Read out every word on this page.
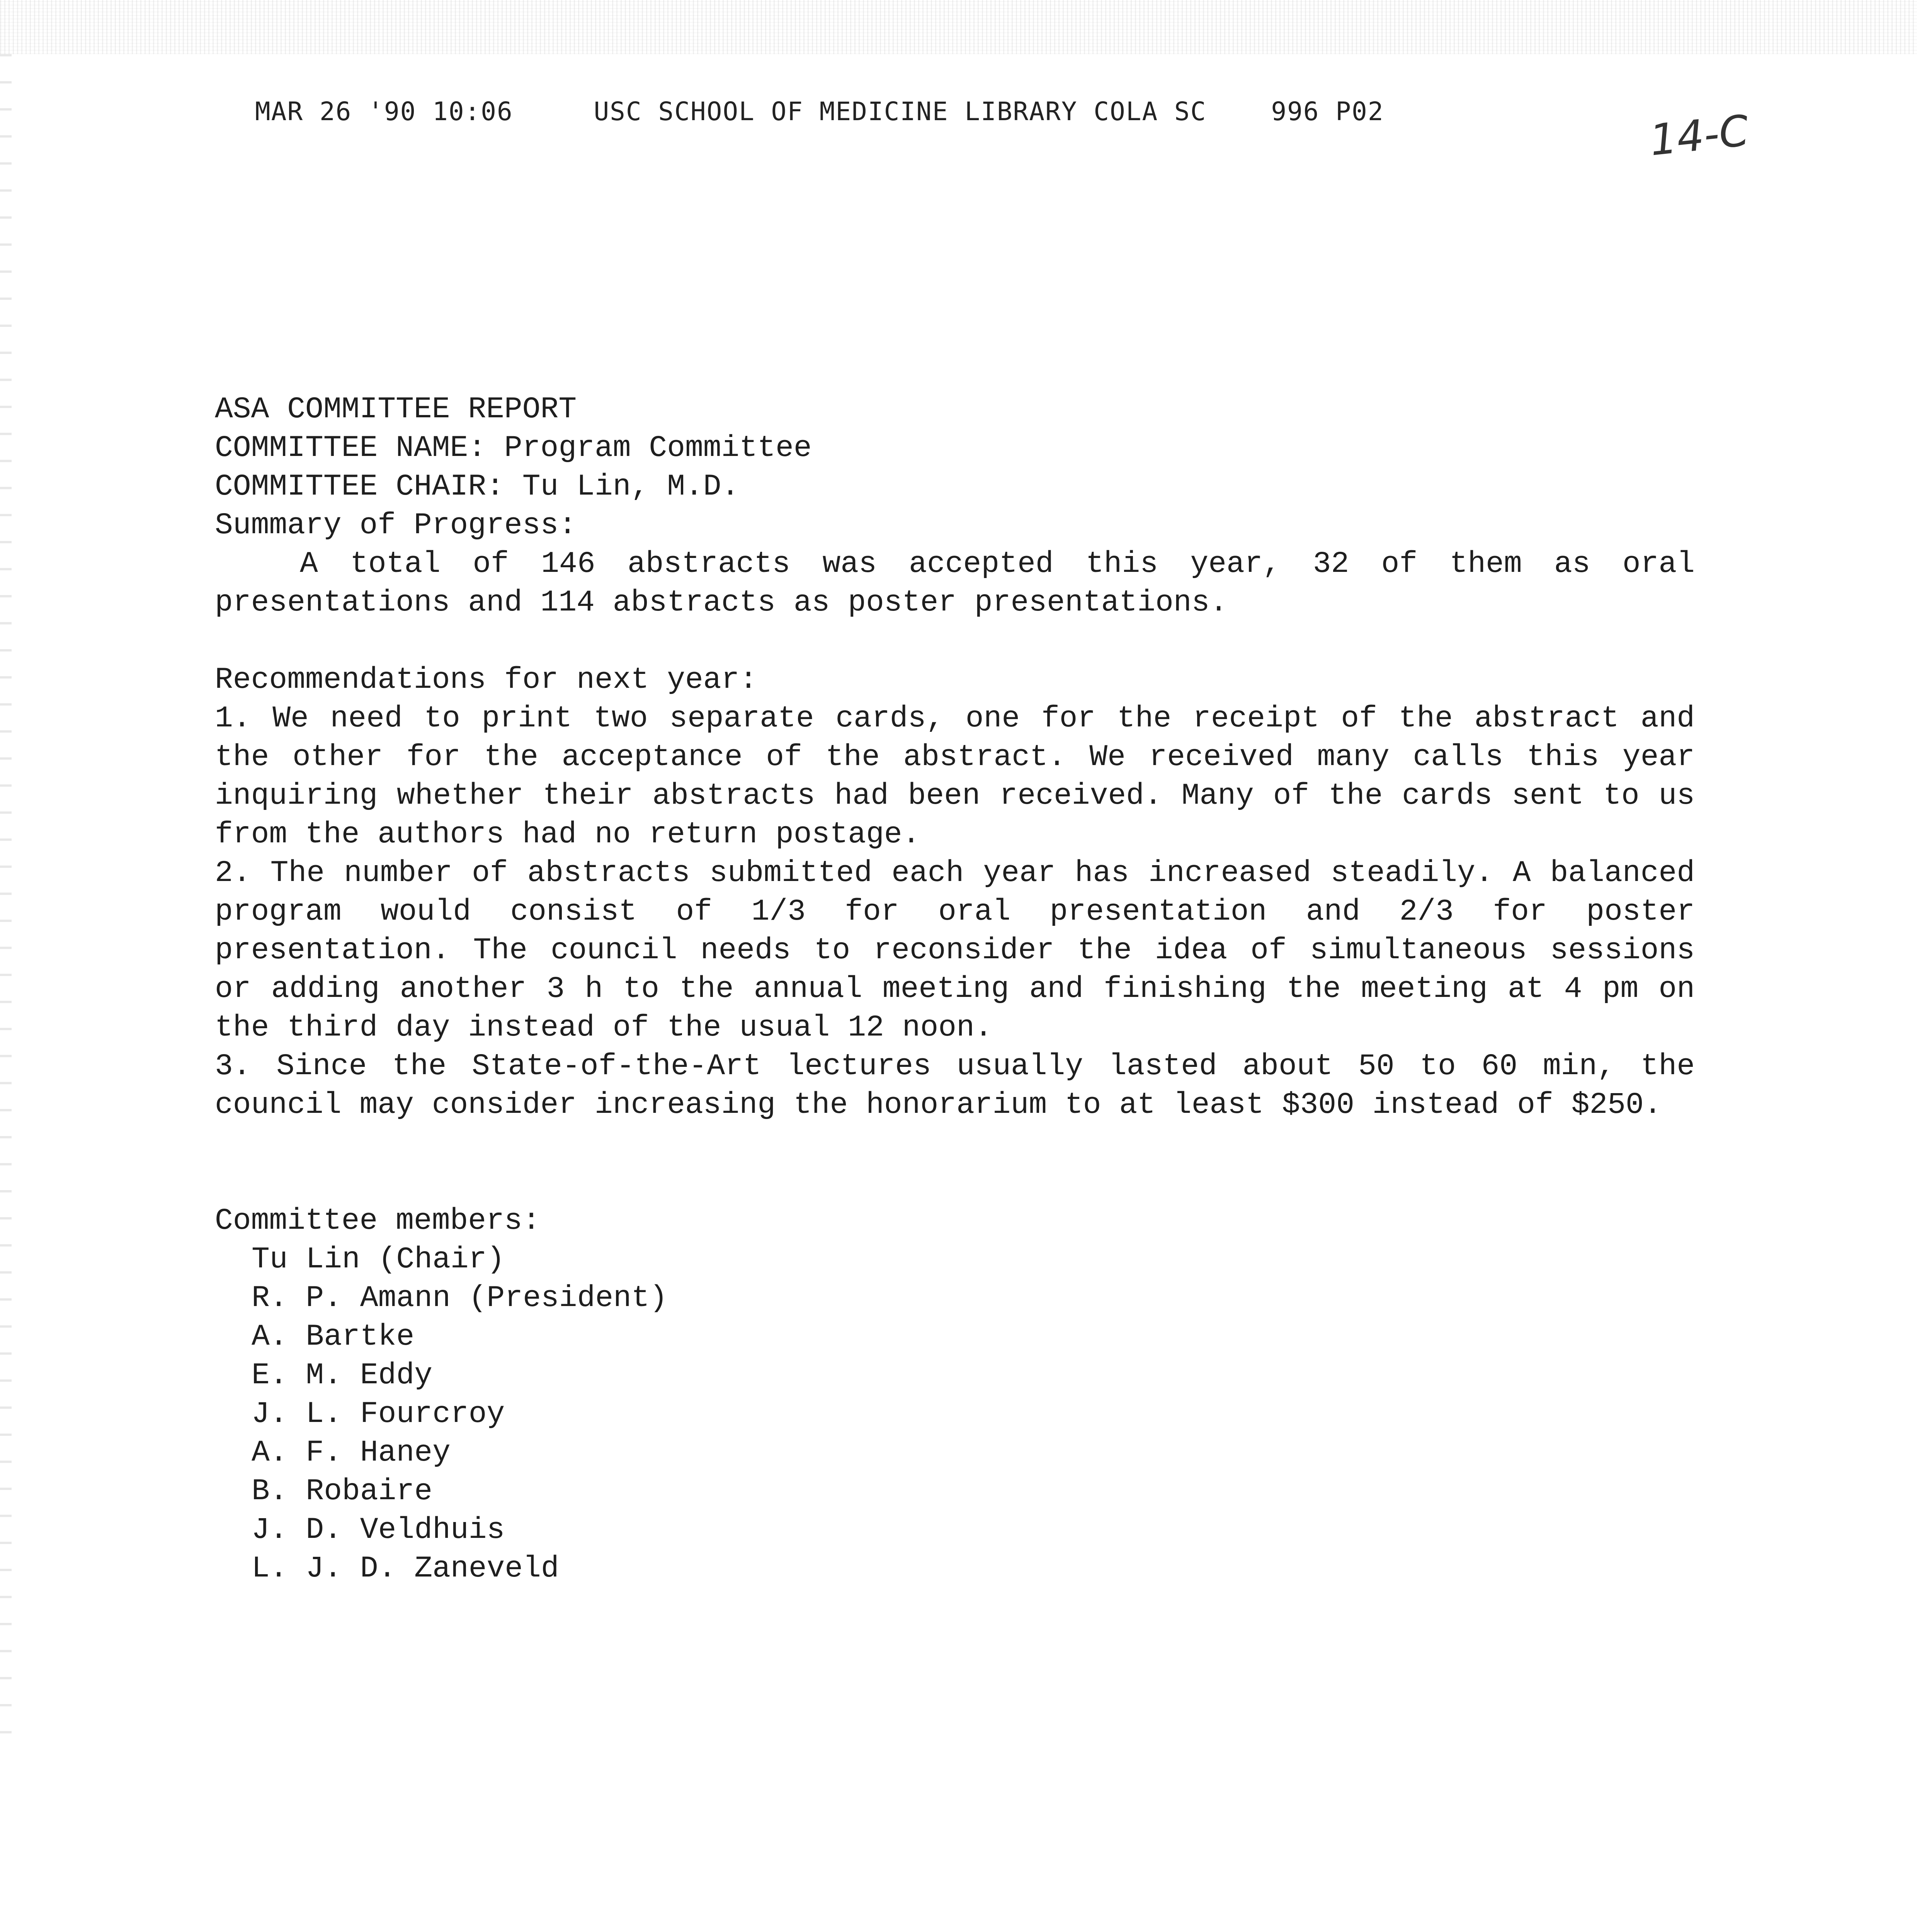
MAR 26 '90 10:06     USC SCHOOL OF MEDICINE LIBRARY COLA SC    996 P02	14-C
ASA COMMITTEE REPORT
COMMITTEE NAME: Program Committee
COMMITTEE CHAIR: Tu Lin, M.D.
Summary of Progress:
A total of 146 abstracts was accepted this year, 32 of them as oral presentations and 114 abstracts as poster presentations.
Recommendations for next year:
1. We need to print two separate cards, one for the receipt of the abstract and the other for the acceptance of the abstract. We received many calls this year inquiring whether their abstracts had been received. Many of the cards sent to us from the authors had no return postage.
2. The number of abstracts submitted each year has increased steadily. A balanced program would consist of 1/3 for oral presentation and 2/3 for poster presentation. The council needs to reconsider the idea of simultaneous sessions or adding another 3 h to the annual meeting and finishing the meeting at 4 pm on the third day instead of the usual 12 noon.
3. Since the State-of-the-Art lectures usually lasted about 50 to 60 min, the council may consider increasing the honorarium to at least $300 instead of $250.
Committee members:
Tu Lin (Chair)
R. P. Amann (President)
A. Bartke
E. M. Eddy
J. L. Fourcroy
A. F. Haney
B. Robaire
J. D. Veldhuis
L. J. D. Zaneveld
